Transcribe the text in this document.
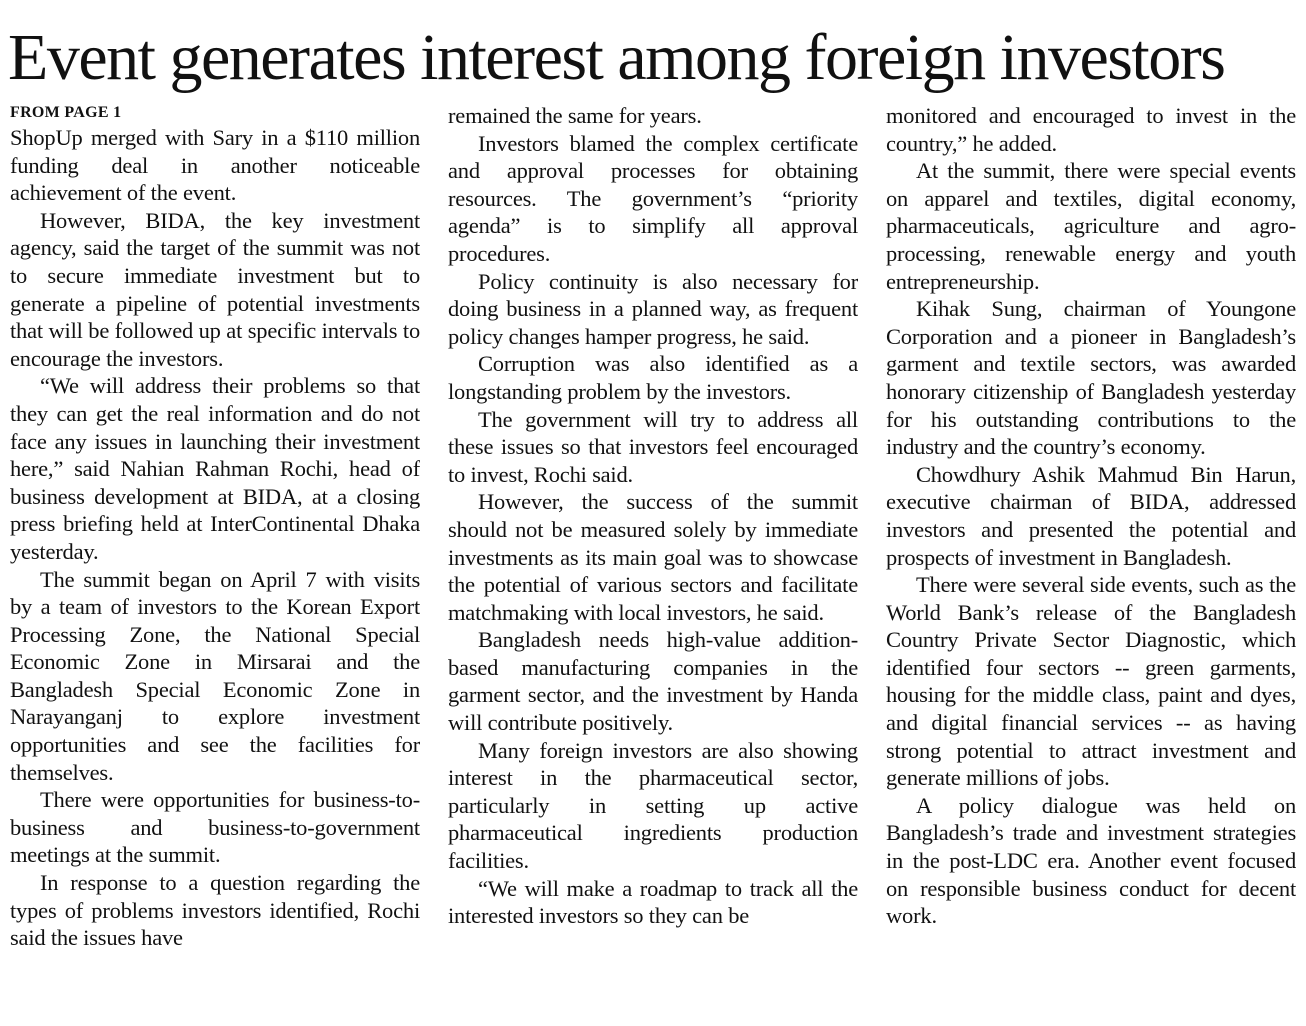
Event generates interest among foreign investors

FROM PAGE 1

ShopUp merged with Sary in a $110 million funding deal in another noticeable achievement of the event.

However, BIDA, the key investment agency, said the target of the summit was not to secure immediate investment but to generate a pipeline of potential investments that will be followed up at specific intervals to encourage the investors.

“We will address their problems so that they can get the real information and do not face any issues in launching their investment here,” said Nahian Rahman Rochi, head of business development at BIDA, at a closing press briefing held at InterContinental Dhaka yesterday.

The summit began on April 7 with visits by a team of investors to the Korean Export Processing Zone, the National Special Economic Zone in Mirsarai and the Bangladesh Special Economic Zone in Narayanganj to explore investment opportunities and see the facilities for themselves.

There were opportunities for business-to-business and business-to-government meetings at the summit.

In response to a question regarding the types of problems investors identified, Rochi said the issues have

remained the same for years.

Investors blamed the complex certificate and approval processes for obtaining resources. The government’s “priority agenda” is to simplify all approval procedures.

Policy continuity is also necessary for doing business in a planned way, as frequent policy changes hamper progress, he said.

Corruption was also identified as a longstanding problem by the investors.

The government will try to address all these issues so that investors feel encouraged to invest, Rochi said.

However, the success of the summit should not be measured solely by immediate investments as its main goal was to showcase the potential of various sectors and facilitate matchmaking with local investors, he said.

Bangladesh needs high-value addition-based manufacturing companies in the garment sector, and the investment by Handa will contribute positively.

Many foreign investors are also showing interest in the pharmaceutical sector, particularly in setting up active pharmaceutical ingredients production facilities.

“We will make a roadmap to track all the interested investors so they can be

monitored and encouraged to invest in the country,” he added.

At the summit, there were special events on apparel and textiles, digital economy, pharmaceuticals, agriculture and agro-processing, renewable energy and youth entrepreneurship.

Kihak Sung, chairman of Youngone Corporation and a pioneer in Bangladesh’s garment and textile sectors, was awarded honorary citizenship of Bangladesh yesterday for his outstanding contributions to the industry and the country’s economy.

Chowdhury Ashik Mahmud Bin Harun, executive chairman of BIDA, addressed investors and presented the potential and prospects of investment in Bangladesh.

There were several side events, such as the World Bank’s release of the Bangladesh Country Private Sector Diagnostic, which identified four sectors -- green garments, housing for the middle class, paint and dyes, and digital financial services -- as having strong potential to attract investment and generate millions of jobs.

A policy dialogue was held on Bangladesh’s trade and investment strategies in the post-LDC era. Another event focused on responsible business conduct for decent work.
